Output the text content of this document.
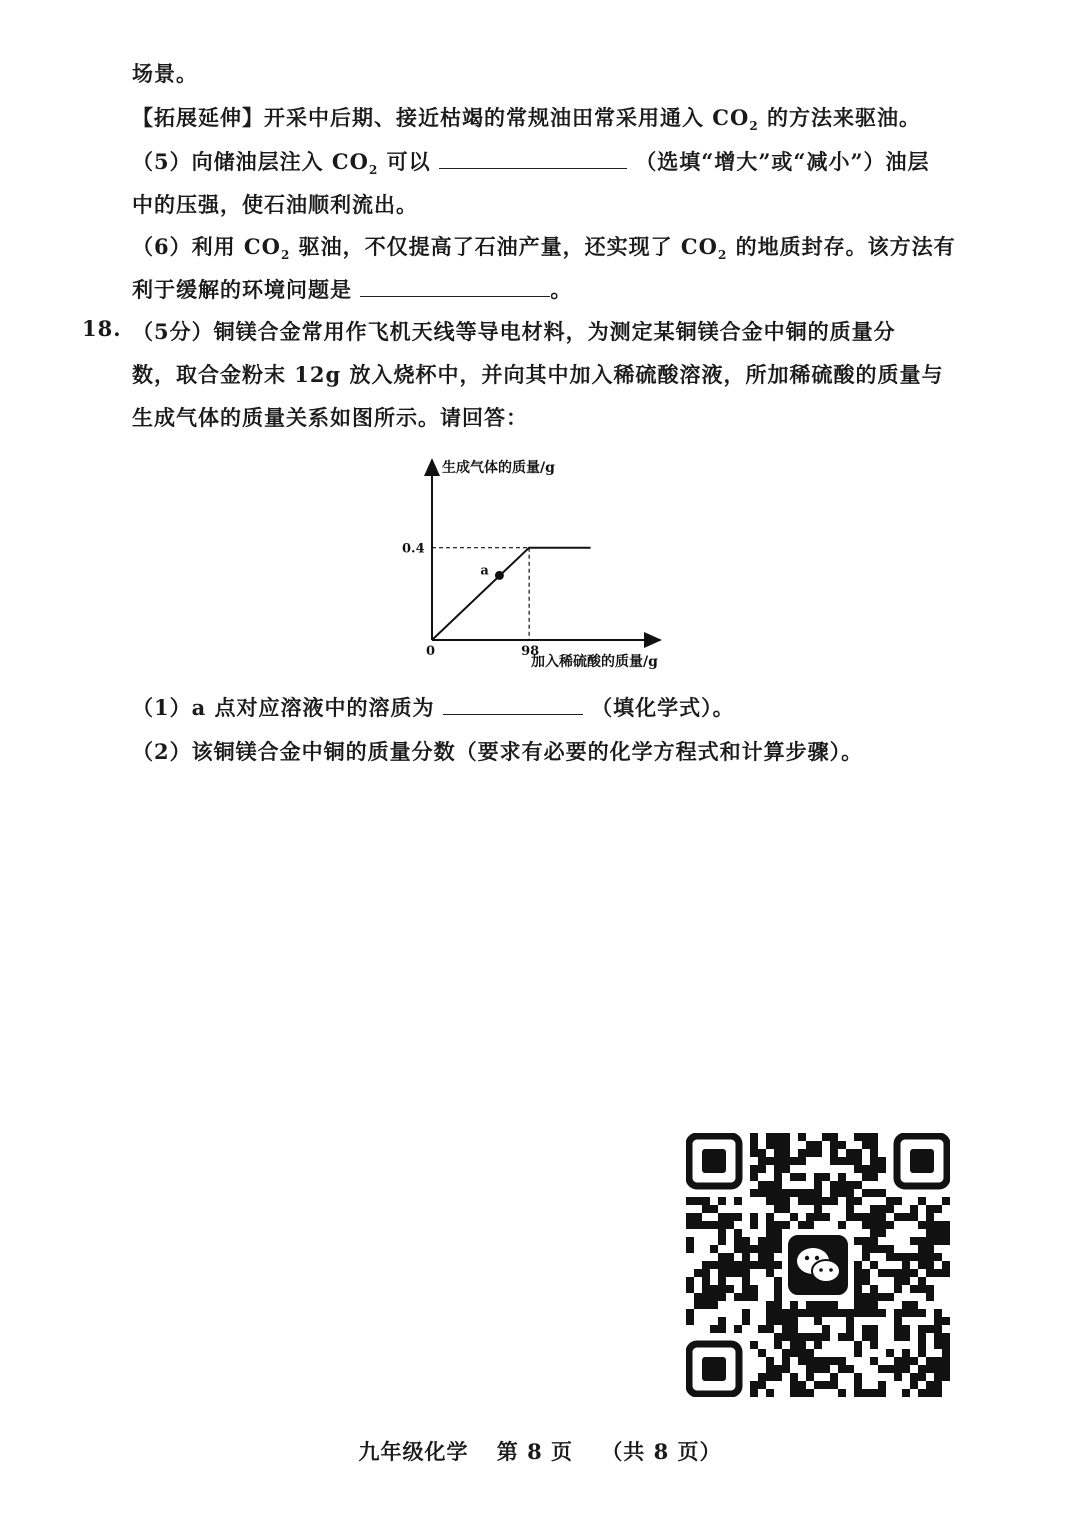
场景。
【拓展延伸】开采中后期、接近枯竭的常规油田常采用通入 $CO_2$ 的方法来驱油。
（5）向储油层注入 $CO_2$ 可以	（选填“增大”或“减小”）油层
中的压强，使石油顺利流出。
（6）利用 $CO_2$ 驱油，不仅提高了石油产量，还实现了 $CO_2$ 的地质封存。该方法有
利于缓解的环境问题是	。
18. （5分）铜镁合金常用作飞机天线等导电材料，为测定某铜镁合金中铜的质量分
数，取合金粉末 12g 放入烧杯中，并向其中加入稀硫酸溶液，所加稀硫酸的质量与
生成气体的质量关系如图所示。请回答：
生成气体的质量/g
加入稀硫酸的质量/g
0
0.4
98
a
（1）a 点对应溶液中的溶质为	（填化学式）。
（2）该铜镁合金中铜的质量分数（要求有必要的化学方程式和计算步骤）。
九年级化学 第 8 页 （共 8 页）
